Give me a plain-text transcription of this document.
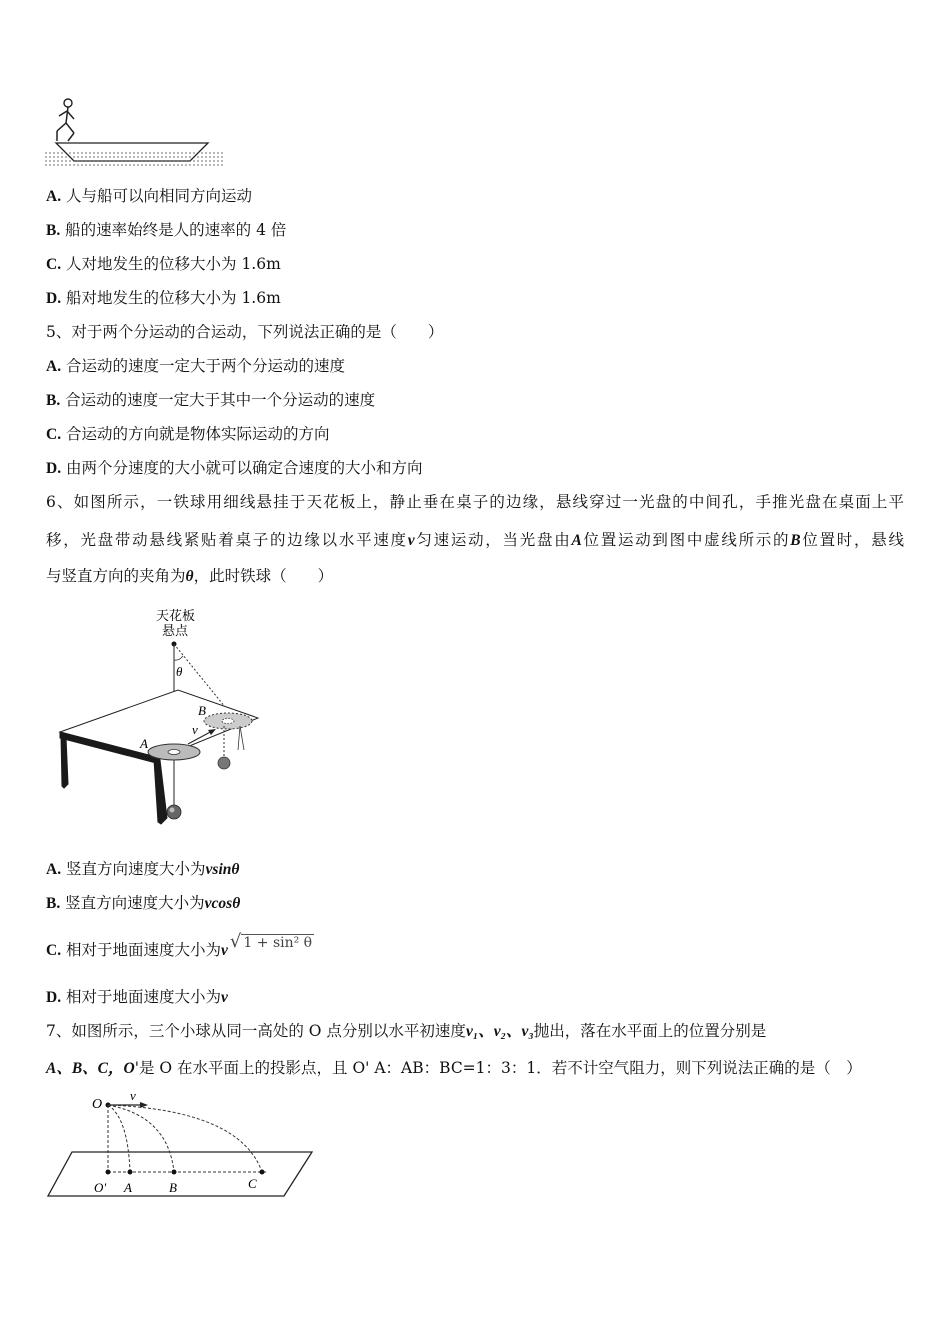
A. 人与船可以向相同方向运动
B. 船的速率始终是人的速率的 4 倍
C. 人对地发生的位移大小为 1.6m
D. 船对地发生的位移大小为 1.6m
5、对于两个分运动的合运动，下列说法正确的是（　　）
A. 合运动的速度一定大于两个分运动的速度
B. 合运动的速度一定大于其中一个分运动的速度
C. 合运动的方向就是物体实际运动的方向
D. 由两个分速度的大小就可以确定合速度的大小和方向
6、如图所示，一铁球用细线悬挂于天花板上，静止垂在桌子的边缘，悬线穿过一光盘的中间孔，手推光盘在桌面上平
移，光盘带动悬线紧贴着桌子的边缘以水平速度v匀速运动，当光盘由A位置运动到图中虚线所示的B位置时，悬线
与竖直方向的夹角为θ，此时铁球（　　）
天花板
悬点
θ
A
B
v
A. 竖直方向速度大小为vsinθ
B. 竖直方向速度大小为vcosθ
C. 相对于地面速度大小为v √ 1 + sin² θ
D. 相对于地面速度大小为v
7、如图所示，三个小球从同一高处的 O 点分别以水平初速度v₁、v₂、v₃抛出，落在水平面上的位置分别是
A、B、C，O'是 O 在水平面上的投影点，且 O' A：AB：BC=1：3：1．若不计空气阻力，则下列说法正确的是（　）
O
v
O' A	B	C
